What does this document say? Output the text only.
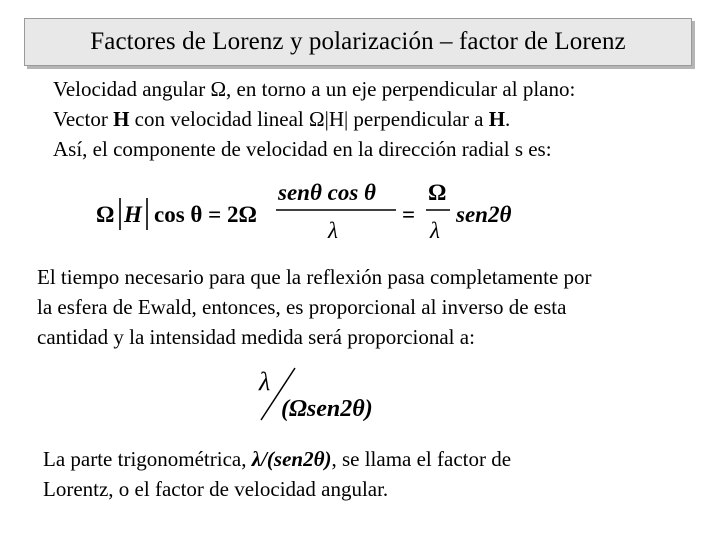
Factores de Lorenz y polarización – factor de Lorenz

Velocidad angular Ω, en torno a un eje perpendicular al plano:

Vector H con velocidad lineal Ω|H| perpendicular a H.

Así, el componente de velocidad en la dirección radial s es:

Ω H cos θ = 2Ω
senθ cos θ
λ
=
Ω
λ
sen2θ

El tiempo necesario para que la reflexión pasa completamente por

la esfera de Ewald, entonces, es proporcional al inverso de esta

cantidad y la intensidad medida será proporcional a:

λ
(Ωsen2θ)

La parte trigonométrica, λ/(sen2θ), se llama el factor de

Lorentz, o el factor de velocidad angular.
